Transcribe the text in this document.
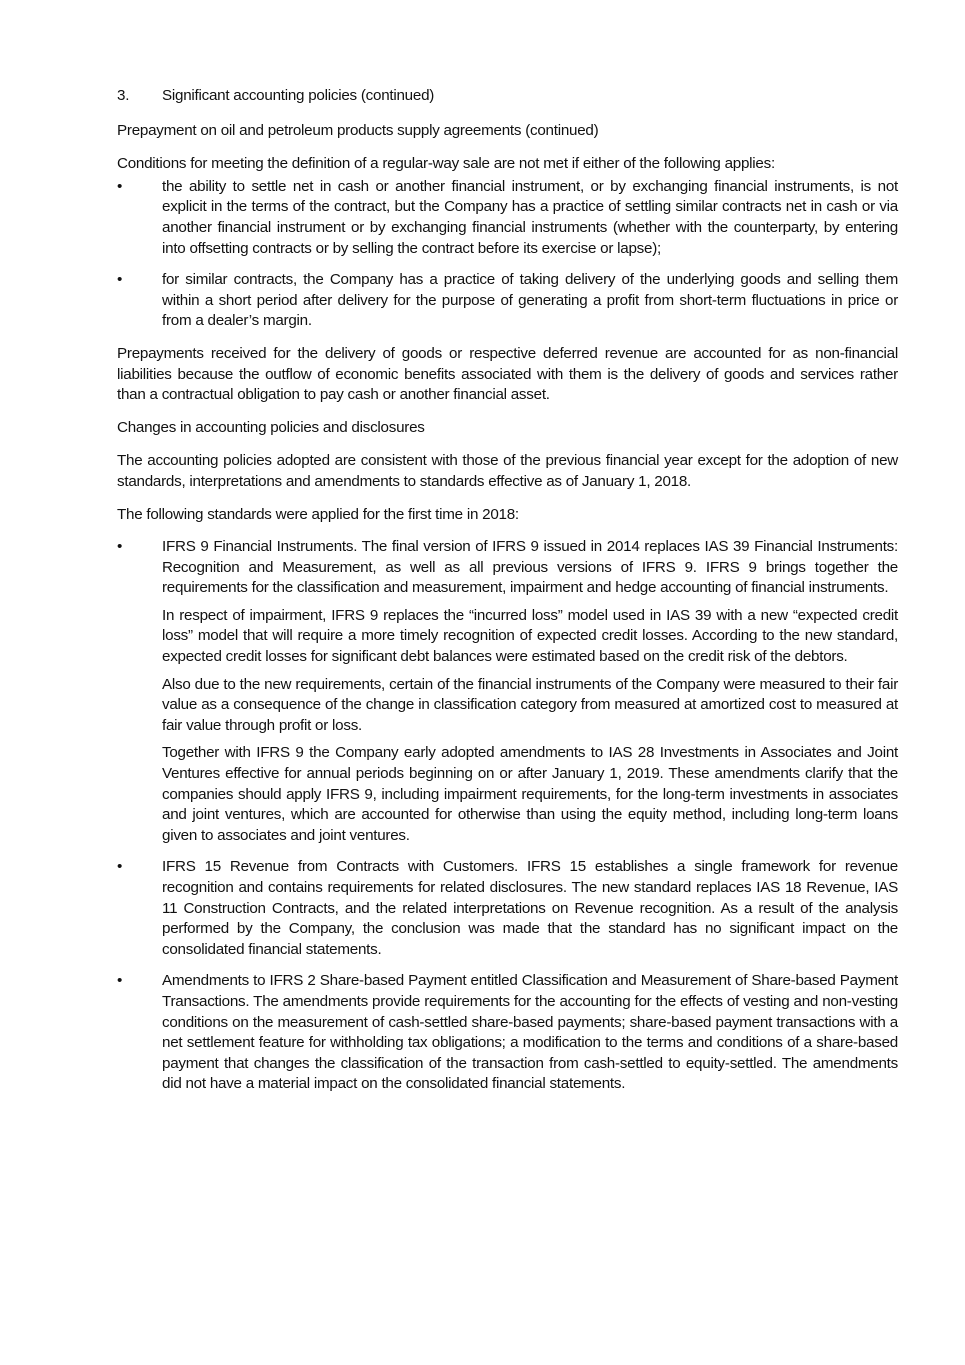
3.	Significant accounting policies (continued)
Prepayment on oil and petroleum products supply agreements (continued)

Conditions for meeting the definition of a regular-way sale are not met if either of the following applies:

•	the ability to settle net in cash or another financial instrument, or by exchanging financial instruments, is not explicit in the terms of the contract, but the Company has a practice of settling similar contracts net in cash or via another financial instrument or by exchanging financial instruments (whether with the counterparty, by entering into offsetting contracts or by selling the contract before its exercise or lapse);

•	for similar contracts, the Company has a practice of taking delivery of the underlying goods and selling them within a short period after delivery for the purpose of generating a profit from short-term fluctuations in price or from a dealer’s margin.

Prepayments received for the delivery of goods or respective deferred revenue are accounted for as non-financial liabilities because the outflow of economic benefits associated with them is the delivery of goods and services rather than a contractual obligation to pay cash or another financial asset.

Changes in accounting policies and disclosures

The accounting policies adopted are consistent with those of the previous financial year except for the adoption of new standards, interpretations and amendments to standards effective as of January 1, 2018.

The following standards were applied for the first time in 2018:

•	IFRS 9 Financial Instruments. The final version of IFRS 9 issued in 2014 replaces IAS 39 Financial Instruments: Recognition and Measurement, as well as all previous versions of IFRS 9. IFRS 9 brings together the requirements for the classification and measurement, impairment and hedge accounting of financial instruments.

In respect of impairment, IFRS 9 replaces the “incurred loss” model used in IAS 39 with a new “expected credit loss” model that will require a more timely recognition of expected credit losses. According to the new standard, expected credit losses for significant debt balances were estimated based on the credit risk of the debtors.

Also due to the new requirements, certain of the financial instruments of the Company were measured to their fair value as a consequence of the change in classification category from measured at amortized cost to measured at fair value through profit or loss.

Together with IFRS 9 the Company early adopted amendments to IAS 28 Investments in Associates and Joint Ventures effective for annual periods beginning on or after January 1, 2019. These amendments clarify that the companies should apply IFRS 9, including impairment requirements, for the long-term investments in associates and joint ventures, which are accounted for otherwise than using the equity method, including long-term loans given to associates and joint ventures.

•	IFRS 15 Revenue from Contracts with Customers. IFRS 15 establishes a single framework for revenue recognition and contains requirements for related disclosures. The new standard replaces IAS 18 Revenue, IAS 11 Construction Contracts, and the related interpretations on Revenue recognition. As a result of the analysis performed by the Company, the conclusion was made that the standard has no significant impact on the consolidated financial statements.

•	Amendments to IFRS 2 Share-based Payment entitled Classification and Measurement of Share-based Payment Transactions. The amendments provide requirements for the accounting for the effects of vesting and non-vesting conditions on the measurement of cash-settled share-based payments; share-based payment transactions with a net settlement feature for withholding tax obligations; a modification to the terms and conditions of a share-based payment that changes the classification of the transaction from cash-settled to equity-settled. The amendments did not have a material impact on the consolidated financial statements.
